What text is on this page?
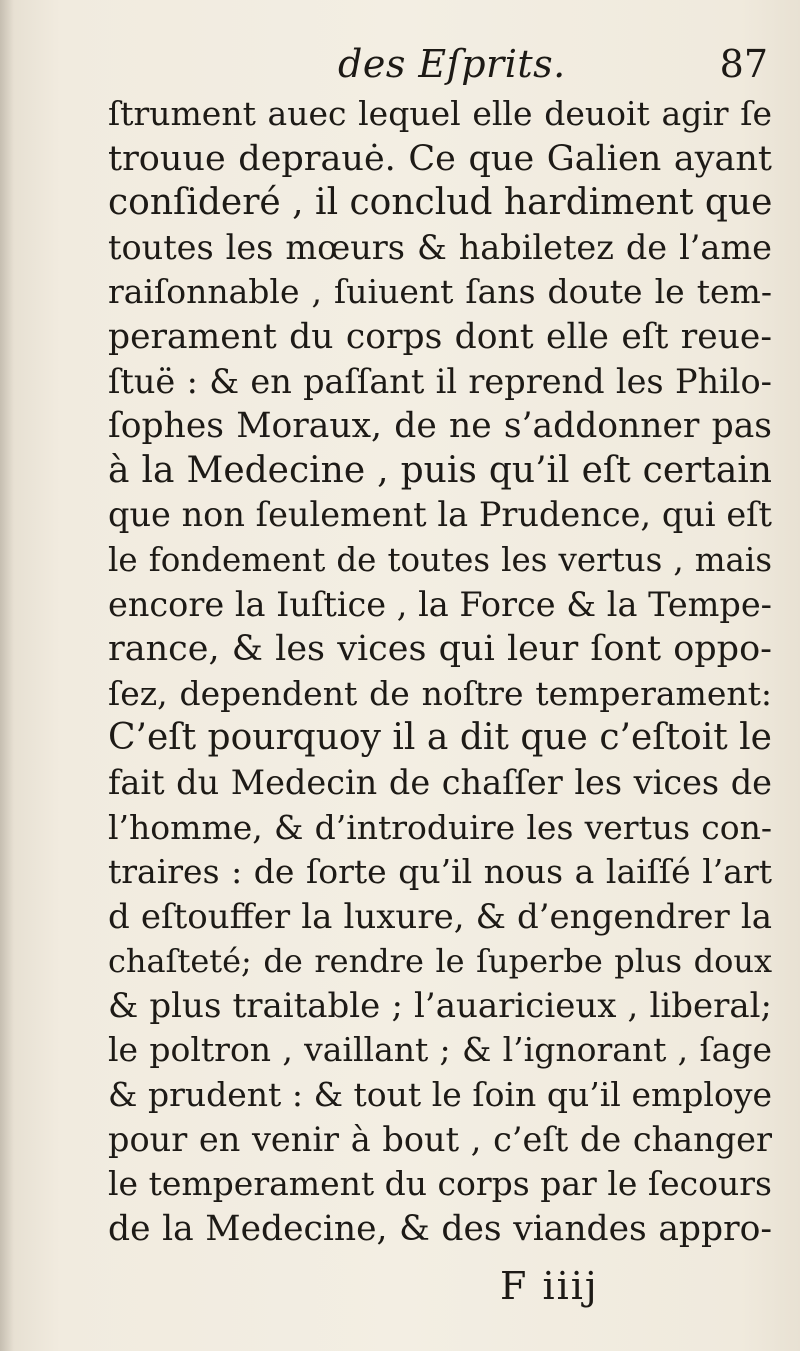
des Eſprits.	87
ſtrument auec lequel elle deuoit agir ſe
trouue deprauė. Ce que Galien ayant
conſideré , il conclud hardiment que
toutes les mœurs & habiletez de l’ame
raiſonnable , ſuiuent ſans doute le tem-
perament du corps dont elle eſt reue-
ſtuë : & en paſſant il reprend les Philo-
ſophes Moraux, de ne s’addonner pas
à la Medecine , puis qu’il eſt certain
que non ſeulement la Prudence, qui eſt
le fondement de toutes les vertus , mais
encore la Iuſtice , la Force & la Tempe-
rance, & les vices qui leur ſont oppo-
ſez, dependent de noſtre temperament:
C’eſt pourquoy il a dit que c’eſtoit le
fait du Medecin de chaſſer les vices de
l’homme, & d’introduire les vertus con-
traires : de ſorte qu’il nous a laiſſé l’art
d eſtouffer la luxure, & d’engendrer la
chaſteté; de rendre le ſuperbe plus doux
& plus traitable ; l’auaricieux , liberal;
le poltron , vaillant ; & l’ignorant , ſage
& prudent : & tout le ſoin qu’il employe
pour en venir à bout , c’eſt de changer
le temperament du corps par le ſecours
de la Medecine, & des viandes appro-
F iiij
